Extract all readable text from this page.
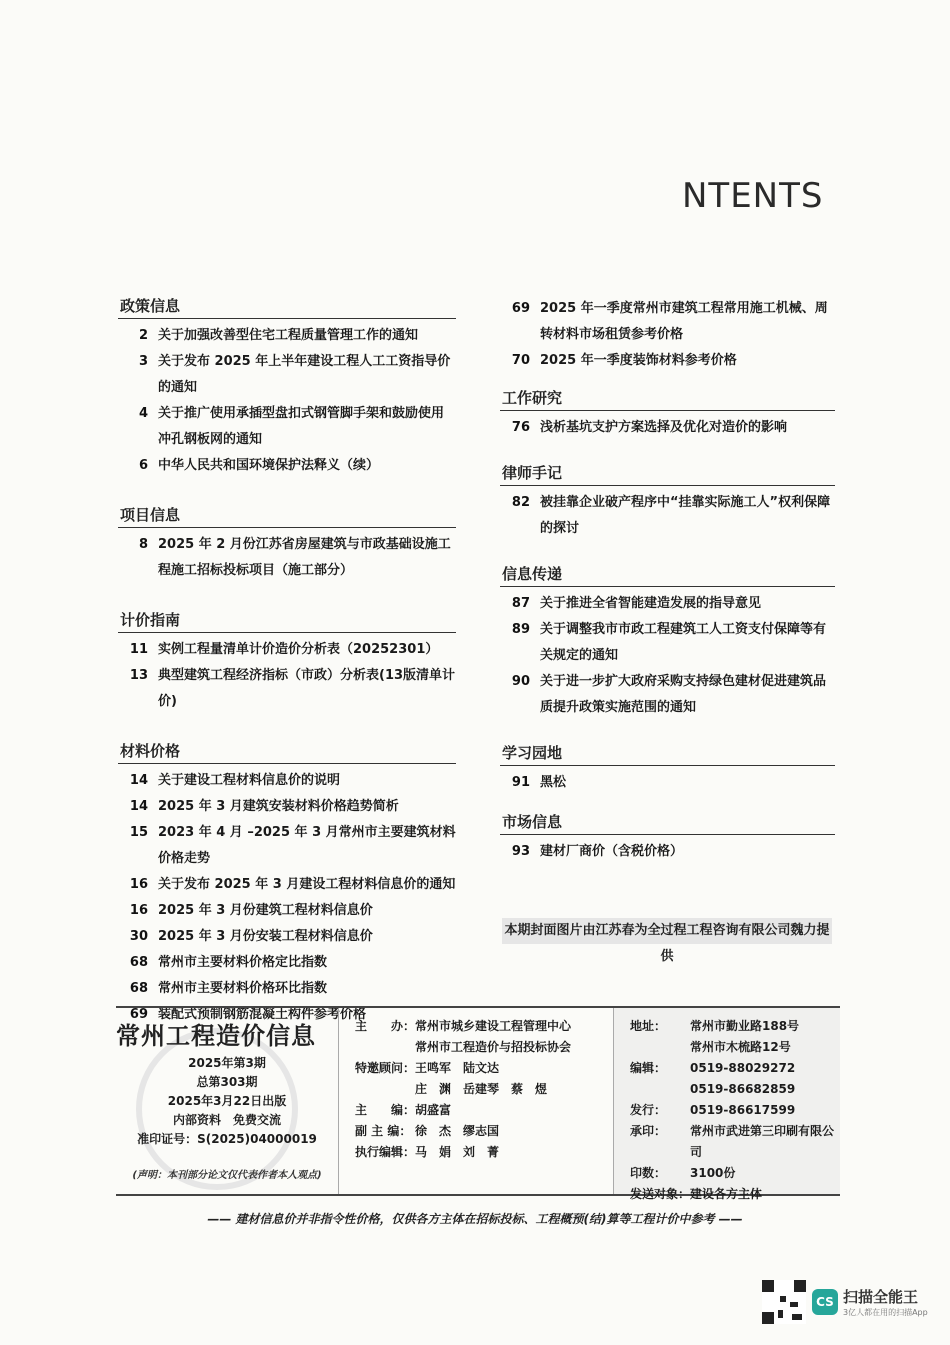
NTENTS
政策信息
2 关于加强改善型住宅工程质量管理工作的通知
3 关于发布 2025 年上半年建设工程人工工资指导价的通知
4 关于推广使用承插型盘扣式钢管脚手架和鼓励使用冲孔钢板网的通知
6 中华人民共和国环境保护法释义（续）
项目信息
8 2025 年 2 月份江苏省房屋建筑与市政基础设施工程施工招标投标项目（施工部分）
计价指南
11 实例工程量清单计价造价分析表（20252301）
13 典型建筑工程经济指标（市政）分析表(13版清单计价)
材料价格
14 关于建设工程材料信息价的说明
14 2025 年 3 月建筑安装材料价格趋势简析
15 2023 年 4 月 –2025 年 3 月常州市主要建筑材料价格走势
16 关于发布 2025 年 3 月建设工程材料信息价的通知
16 2025 年 3 月份建筑工程材料信息价
30 2025 年 3 月份安装工程材料信息价
68 常州市主要材料价格定比指数
68 常州市主要材料价格环比指数
69 装配式预制钢筋混凝土构件参考价格
69 2025 年一季度常州市建筑工程常用施工机械、周转材料市场租赁参考价格
70 2025 年一季度装饰材料参考价格
工作研究
76 浅析基坑支护方案选择及优化对造价的影响
律师手记
82 被挂靠企业破产程序中“挂靠实际施工人”权利保障的探讨
信息传递
87 关于推进全省智能建造发展的指导意见
89 关于调整我市市政工程建筑工人工资支付保障等有关规定的通知
90 关于进一步扩大政府采购支持绿色建材促进建筑品质提升政策实施范围的通知
学习园地
91 黑松
市场信息
93 建材厂商价（含税价格）
本期封面图片由江苏春为全过程工程咨询有限公司魏力提供
常州工程造价信息
2025年第3期
总第303期
2025年3月22日出版
内部资料　免费交流
准印证号：S(2025)04000019
(声明：本刊部分论文仅代表作者本人观点)
主　　办： 常州市城乡建设工程管理中心
常州市工程造价与招投标协会
特邀顾问： 王鸣军　陆文达
庄　渊　岳建琴　蔡　煜
主　　编： 胡盛富
副 主 编： 徐　杰　缪志国
执行编辑： 马　娟　刘　菁
地址：	常州市勤业路188号
常州市木梳路12号
编辑：	0519-88029272
0519-86682859
发行：	0519-86617599
承印：	常州市武进第三印刷有限公司
印数：	3100份
发送对象： 建设各方主体
—— 建材信息价并非指令性价格，仅供各方主体在招标投标、工程概预(结)算等工程计价中参考 ——
CS 扫描全能王
3亿人都在用的扫描App
